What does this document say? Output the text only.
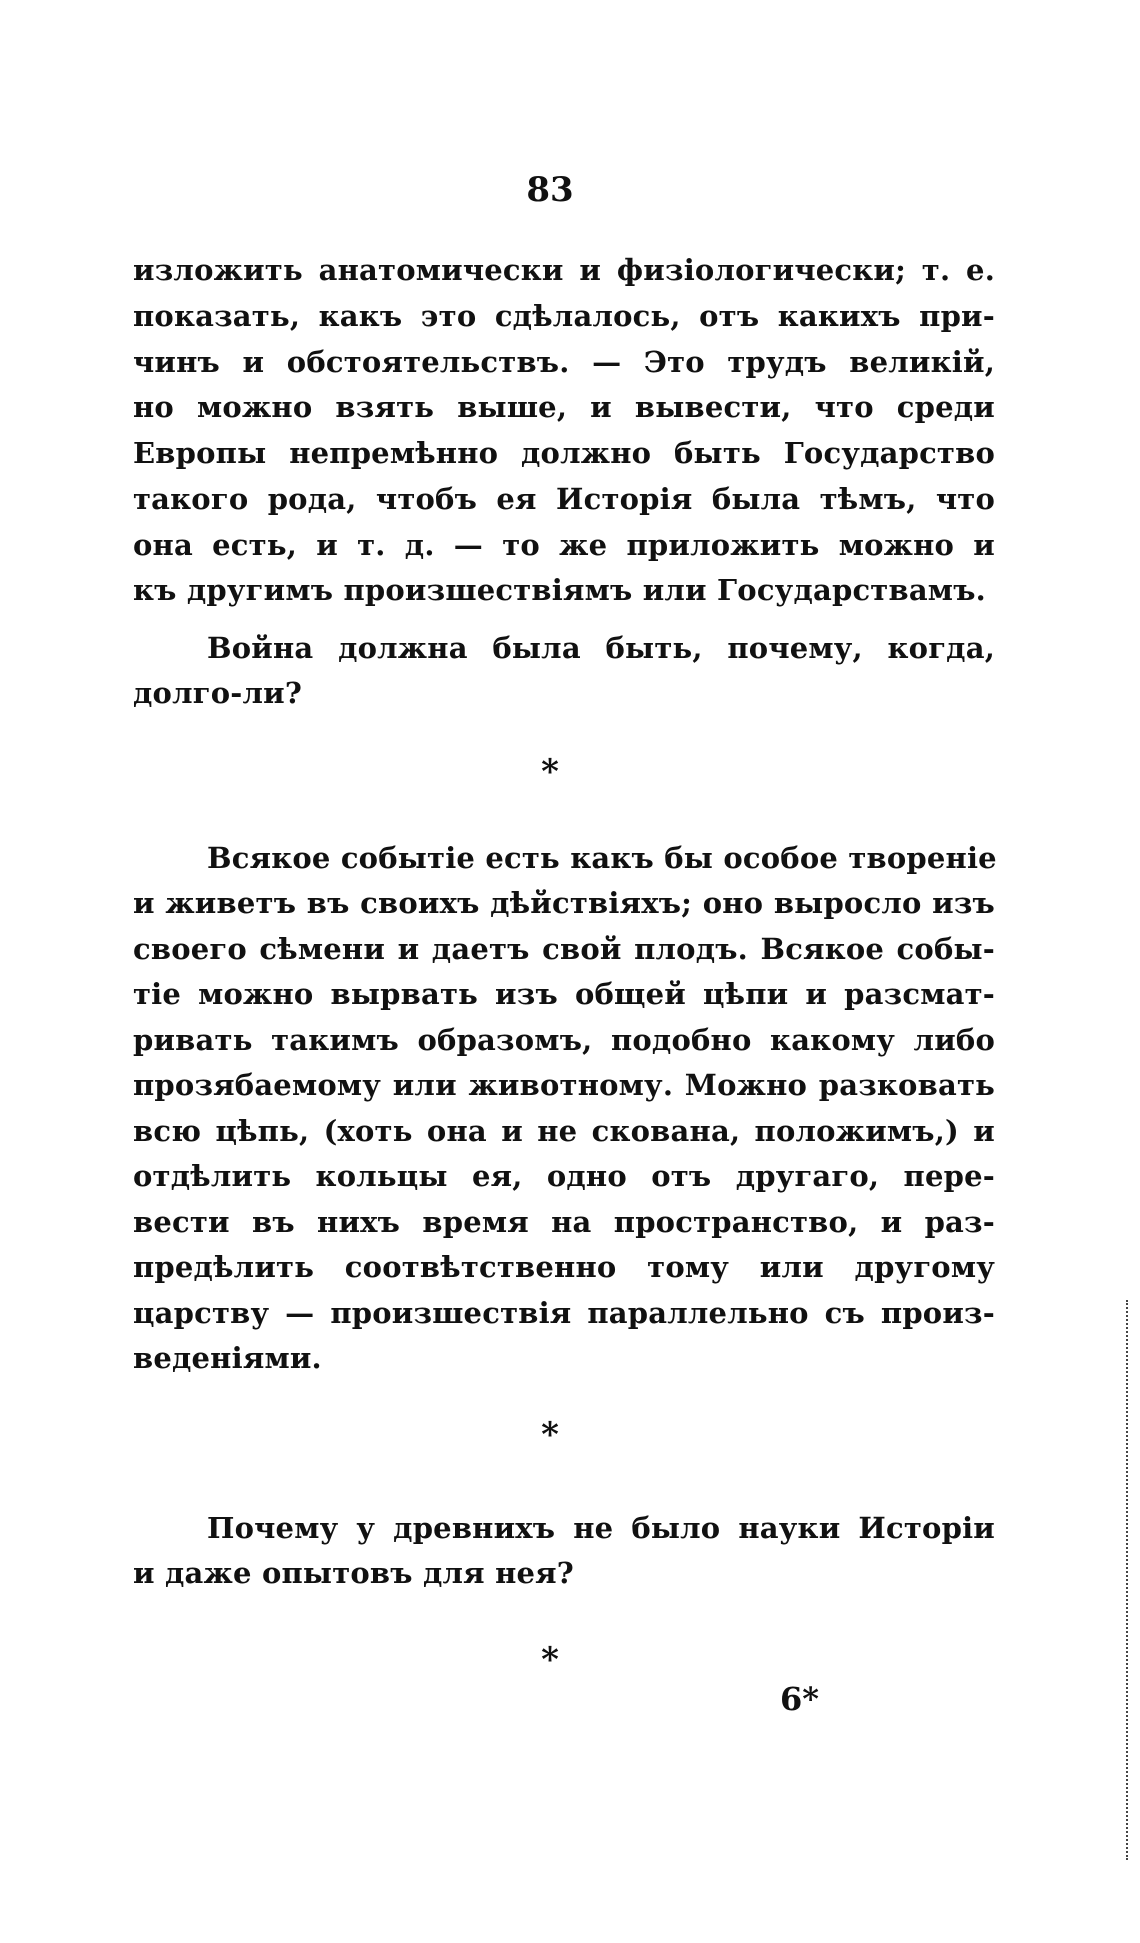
83
изложить анатомически и физіологически; т. е.
показать, какъ это сдѣлалось, отъ какихъ при-
чинъ и обстоятельствъ. — Это трудъ великій,
но можно взять выше, и вывести, что среди
Европы непремѣнно должно быть Государство
такого рода, чтобъ ея Исторія была тѣмъ, что
она есть, и т. д. — то же приложить можно и
къ другимъ произшествіямъ или Государствамъ.
Война должна была быть, почему, когда,
долго-ли?
*
Всякое событіе есть какъ бы особое твореніе
и живетъ въ своихъ дѣйствіяхъ; оно выросло изъ
своего сѣмени и даетъ свой плодъ. Всякое собы-
тіе можно вырвать изъ общей цѣпи и разсмат-
ривать такимъ образомъ, подобно какому либо
прозябаемому или животному. Можно разковать
всю цѣпь, (хоть она и не скована, положимъ,) и
отдѣлить кольцы ея, одно отъ другаго, пере-
вести въ нихъ время на пространство, и раз-
предѣлить соотвѣтственно тому или другому
царству — произшествія параллельно съ произ-
веденіями.
*
Почему у древнихъ не было науки Исторіи
и даже опытовъ для нея?
*
6*
